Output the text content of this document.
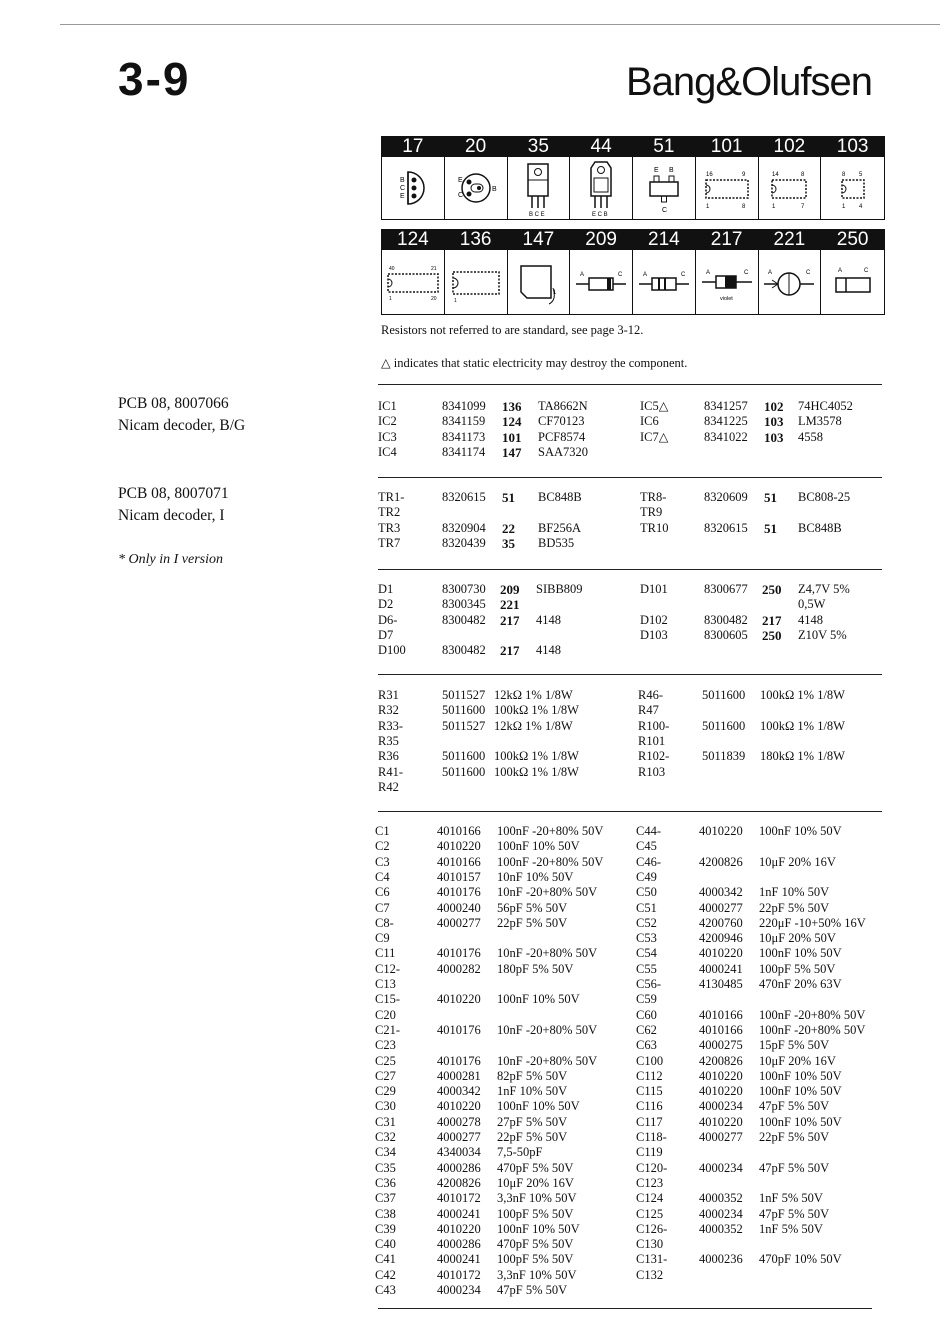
3-9	Bang&Olufsen
17
B
C
E
20
E
C
B
35
B C E
44
E C B
51
E B
C
101
16	9
1	8
102
14	8
1	7
103
8 5
1 4
124
40	21
1	20
136
1
147
1
209
A	C
214
A	C
217
A	C
violet
221
A	C
250
A	C
Resistors not referred to are standard, see page 3-12.
△ indicates that static electricity may destroy the component.
PCB 08, 8007066
Nicam decoder, B/G
PCB 08, 8007071
Nicam decoder, I
* Only in I version
IC1	8341099 136 TA8662N
IC2	8341159 124 CF70123
IC3	8341173 101 PCF8574
IC4	8341174 147 SAA7320
IC5△	8341257 102 74HC4052
IC6	8341225 103 LM3578
IC7△	8341022 103 4558
TR1-	8320615 51 BC848B
TR2
TR3	8320904 22 BF256A
TR7	8320439 35 BD535
TR8-	8320609 51 BC808-25
TR9
TR10	8320615 51 BC848B
D1	8300730 209 SIBB809
D2	8300345 221
D6-	8300482 217 4148
D7
D100	8300482 217 4148
D101	8300677 250 Z4,7V 5%
0,5W
D102	8300482 217 4148
D103	8300605 250 Z10V 5%
R31	5011527 12kΩ 1% 1/8W
R32	5011600 100kΩ 1% 1/8W
R33-	5011527 12kΩ 1% 1/8W
R35
R36	5011600 100kΩ 1% 1/8W
R41-	5011600 100kΩ 1% 1/8W
R42
R46-	5011600 100kΩ 1% 1/8W
R47
R100-	5011600 100kΩ 1% 1/8W
R101
R102-	5011839 180kΩ 1% 1/8W
R103
C1	4010166 100nF -20+80% 50V
C2	4010220 100nF 10% 50V
C3	4010166 100nF -20+80% 50V
C4	4010157 10nF 10% 50V
C6	4010176 10nF -20+80% 50V
C7	4000240 56pF 5% 50V
C8-	4000277 22pF 5% 50V
C9
C11	4010176 10nF -20+80% 50V
C12-	4000282 180pF 5% 50V
C13
C15-	4010220 100nF 10% 50V
C20
C21-	4010176 10nF -20+80% 50V
C23
C25	4010176 10nF -20+80% 50V
C27	4000281 82pF 5% 50V
C29	4000342 1nF 10% 50V
C30	4010220 100nF 10% 50V
C31	4000278 27pF 5% 50V
C32	4000277 22pF 5% 50V
C34	4340034 7,5-50pF
C35	4000286 470pF 5% 50V
C36	4200826 10μF 20% 16V
C37	4010172 3,3nF 10% 50V
C38	4000241 100pF 5% 50V
C39	4010220 100nF 10% 50V
C40	4000286 470pF 5% 50V
C41	4000241 100pF 5% 50V
C42	4010172 3,3nF 10% 50V
C43	4000234 47pF 5% 50V
C44-	4010220 100nF 10% 50V
C45
C46-	4200826 10μF 20% 16V
C49
C50	4000342 1nF 10% 50V
C51	4000277 22pF 5% 50V
C52	4200760 220μF -10+50% 16V
C53	4200946 10μF 20% 50V
C54	4010220 100nF 10% 50V
C55	4000241 100pF 5% 50V
C56-	4130485 470nF 20% 63V
C59
C60	4010166 100nF -20+80% 50V
C62	4010166 100nF -20+80% 50V
C63	4000275 15pF 5% 50V
C100	4200826 10μF 20% 16V
C112	4010220 100nF 10% 50V
C115	4010220 100nF 10% 50V
C116	4000234 47pF 5% 50V
C117	4010220 100nF 10% 50V
C118-	4000277 22pF 5% 50V
C119
C120-	4000234 47pF 5% 50V
C123
C124	4000352 1nF 5% 50V
C125	4000234 47pF 5% 50V
C126-	4000352 1nF 5% 50V
C130
C131-	4000236 470pF 10% 50V
C132
